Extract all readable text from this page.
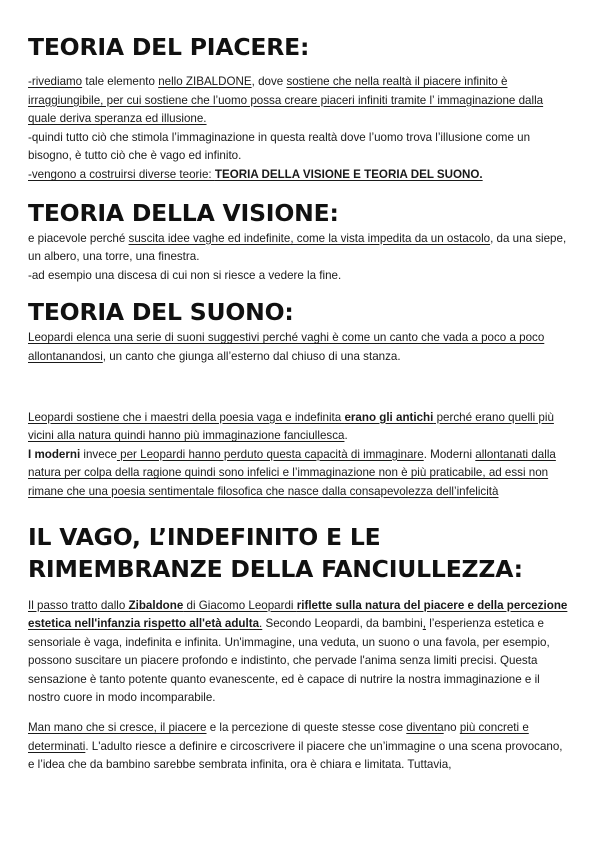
TEORIA DEL PIACERE:

-rivediamo tale elemento nello ZIBALDONE, dove sostiene che nella realtà il piacere infinito è irraggiungibile, per cui sostiene che l’uomo possa creare piaceri infiniti tramite l’ immaginazione dalla quale deriva speranza ed illusione.

-quindi tutto ciò che stimola l’immaginazione in questa realtà dove l’uomo trova l’illusione come un bisogno, è tutto ciò che è vago ed infinito.

-vengono a costruirsi diverse teorie: TEORIA DELLA VISIONE E TEORIA DEL SUONO.

TEORIA DELLA VISIONE:

e piacevole perché suscita idee vaghe ed indefinite, come la vista impedita da un ostacolo, da una siepe, un albero, una torre, una finestra.

-ad esempio una discesa di cui non si riesce a vedere la fine.

TEORIA DEL SUONO:

Leopardi elenca una serie di suoni suggestivi perché vaghi è come un canto che vada a poco a poco allontanandosi, un canto che giunga all’esterno dal chiuso di una stanza.

Leopardi sostiene che i maestri della poesia vaga e indefinita erano gli antichi perché erano quelli più vicini alla natura quindi hanno più immaginazione fanciullesca.
I moderni invece per Leopardi hanno perduto questa capacità di immaginare. Moderni allontanati dalla natura per colpa della ragione quindi sono infelici e l’immaginazione non è più praticabile, ad essi non rimane che una poesia sentimentale filosofica che nasce dalla consapevolezza dell’infelicità

IL VAGO, L’INDEFINITO E LE RIMEMBRANZE DELLA FANCIULLEZZA:

Il passo tratto dallo Zibaldone di Giacomo Leopardi riflette sulla natura del piacere e della percezione estetica nell'infanzia rispetto all'età adulta. Secondo Leopardi, da bambini, l’esperienza estetica e sensoriale è vaga, indefinita e infinita. Un'immagine, una veduta, un suono o una favola, per esempio, possono suscitare un piacere profondo e indistinto, che pervade l'anima senza limiti precisi. Questa sensazione è tanto potente quanto evanescente, ed è capace di nutrire la nostra immaginazione e il nostro cuore in modo incomparabile.

Man mano che si cresce, il piacere e la percezione di queste stesse cose diventano più concreti e determinati. L'adulto riesce a definire e circoscrivere il piacere che un’immagine o una scena provocano, e l’idea che da bambino sarebbe sembrata infinita, ora è chiara e limitata. Tuttavia,
